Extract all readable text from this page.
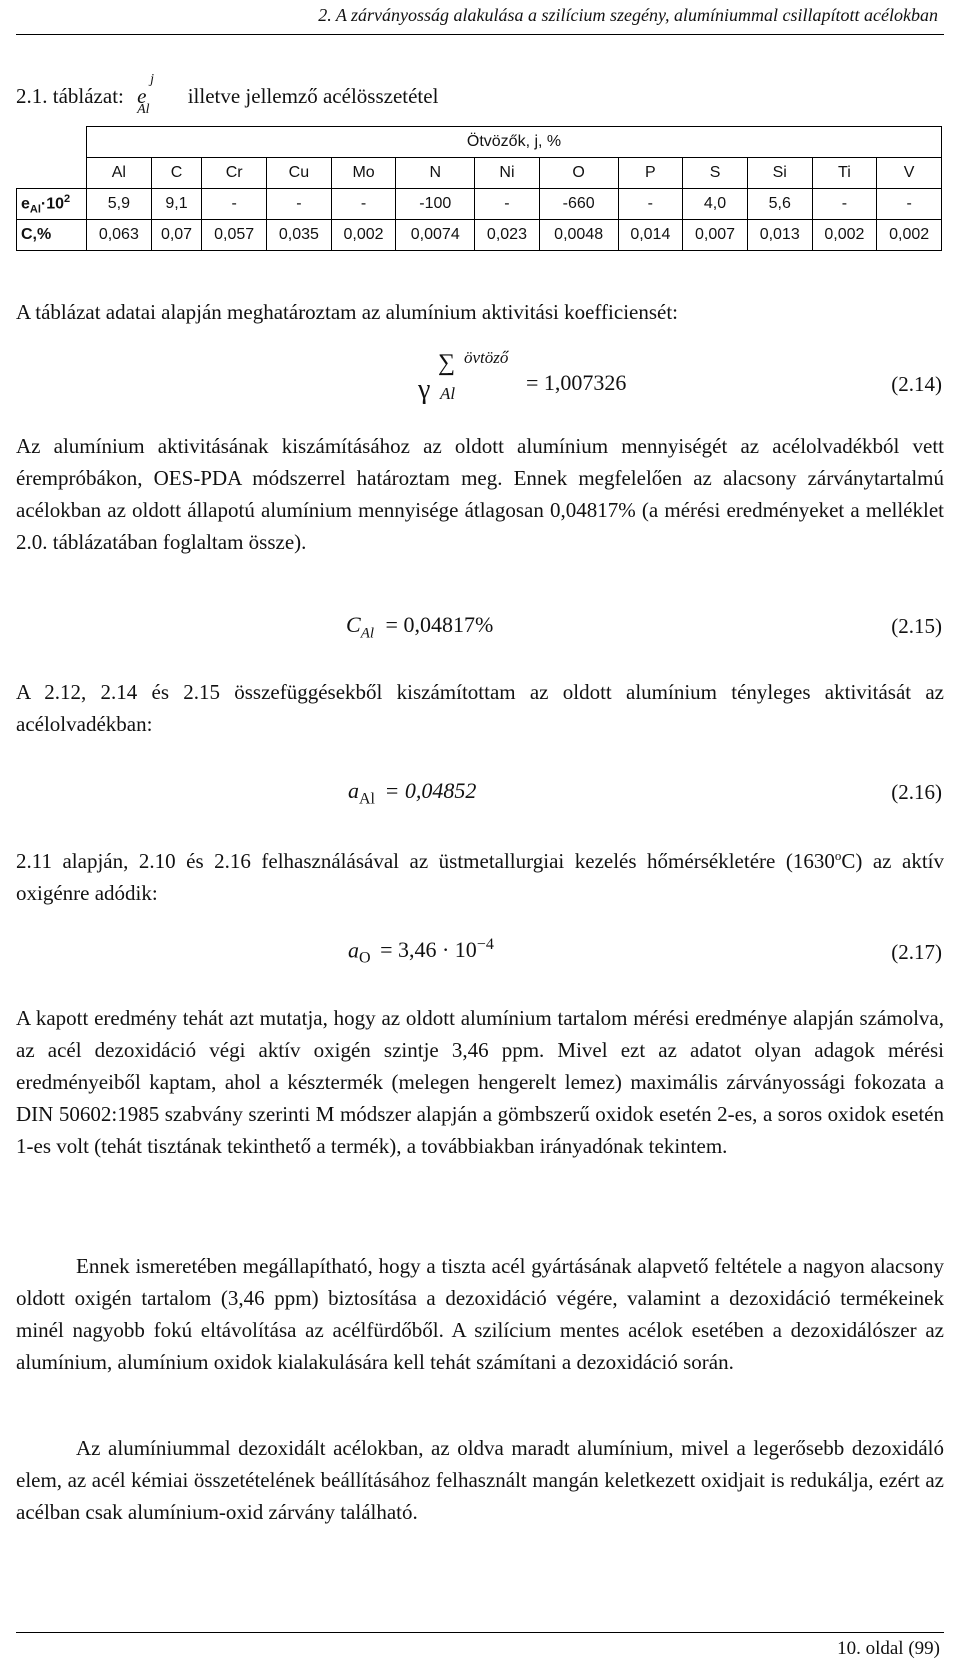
2. A zárványosság alakulása a szilícium szegény, alumíniummal csillapított acélokban
2.1. táblázat: e
j
Al
illetve jellemző acélösszetétel
	Ötvözők, j, %												
	Al	C	Cr	Cu	Mo	N	Ni	O	P	S	Si	Ti	V
$e_{Al}\cdot 10^2$	5,9	9,1	-	-	-	-100	-	-660	-	4,0	5,6	-	-
C,%	0,063	0,07	0,057	0,035	0,002	0,0074	0,023	0,0048	0,014	0,007	0,013	0,002	0,002

A táblázat adatai alapján meghatároztam az alumínium aktivitási koefficiensét:

γ
∑ övtöző
Al	= 1,007326	(2.14)

Az alumínium aktivitásának kiszámításához az oldott alumínium mennyiségét az acélolvadékból vett érempróbákon, OES-PDA módszerrel határoztam meg. Ennek megfelelően az alacsony zárványtartalmú acélokban az oldott állapotú alumínium mennyisége átlagosan 0,04817% (a mérési eredményeket a melléklet 2.0. táblázatában foglaltam össze).

$C_{Al} = 0,04817\%$	(2.15)

A 2.12, 2.14 és 2.15 összefüggésekből kiszámítottam az oldott alumínium tényleges aktivitását az acélolvadékban:

$a_{Al} = 0,04852$	(2.16)

2.11 alapján, 2.10 és 2.16 felhasználásával az üstmetallurgiai kezelés hőmérsékletére (1630$^o$C) az aktív oxigénre adódik:

$a_O = 3,46 \cdot 10^{-4}$	(2.17)

A kapott eredmény tehát azt mutatja, hogy az oldott alumínium tartalom mérési eredménye alapján számolva, az acél dezoxidáció végi aktív oxigén szintje 3,46 ppm. Mivel ezt az adatot olyan adagok mérési eredményeiből kaptam, ahol a késztermék (melegen hengerelt lemez) maximális zárványossági fokozata a DIN 50602:1985 szabvány szerinti M módszer alapján a gömbszerű oxidok esetén 2-es, a soros oxidok esetén 1-es volt (tehát tisztának tekinthető a termék), a továbbiakban irányadónak tekintem.

Ennek ismeretében megállapítható, hogy a tiszta acél gyártásának alapvető feltétele a nagyon alacsony oldott oxigén tartalom (3,46 ppm) biztosítása a dezoxidáció végére, valamint a dezoxidáció termékeinek minél nagyobb fokú eltávolítása az acélfürdőből. A szilícium mentes acélok esetében a dezoxidálószer az alumínium, alumínium oxidok kialakulására kell tehát számítani a dezoxidáció során.

Az alumíniummal dezoxidált acélokban, az oldva maradt alumínium, mivel a legerősebb dezoxidáló elem, az acél kémiai összetételének beállításához felhasznált mangán keletkezett oxidjait is redukálja, ezért az acélban csak alumínium-oxid zárvány található.

10. oldal (99)
